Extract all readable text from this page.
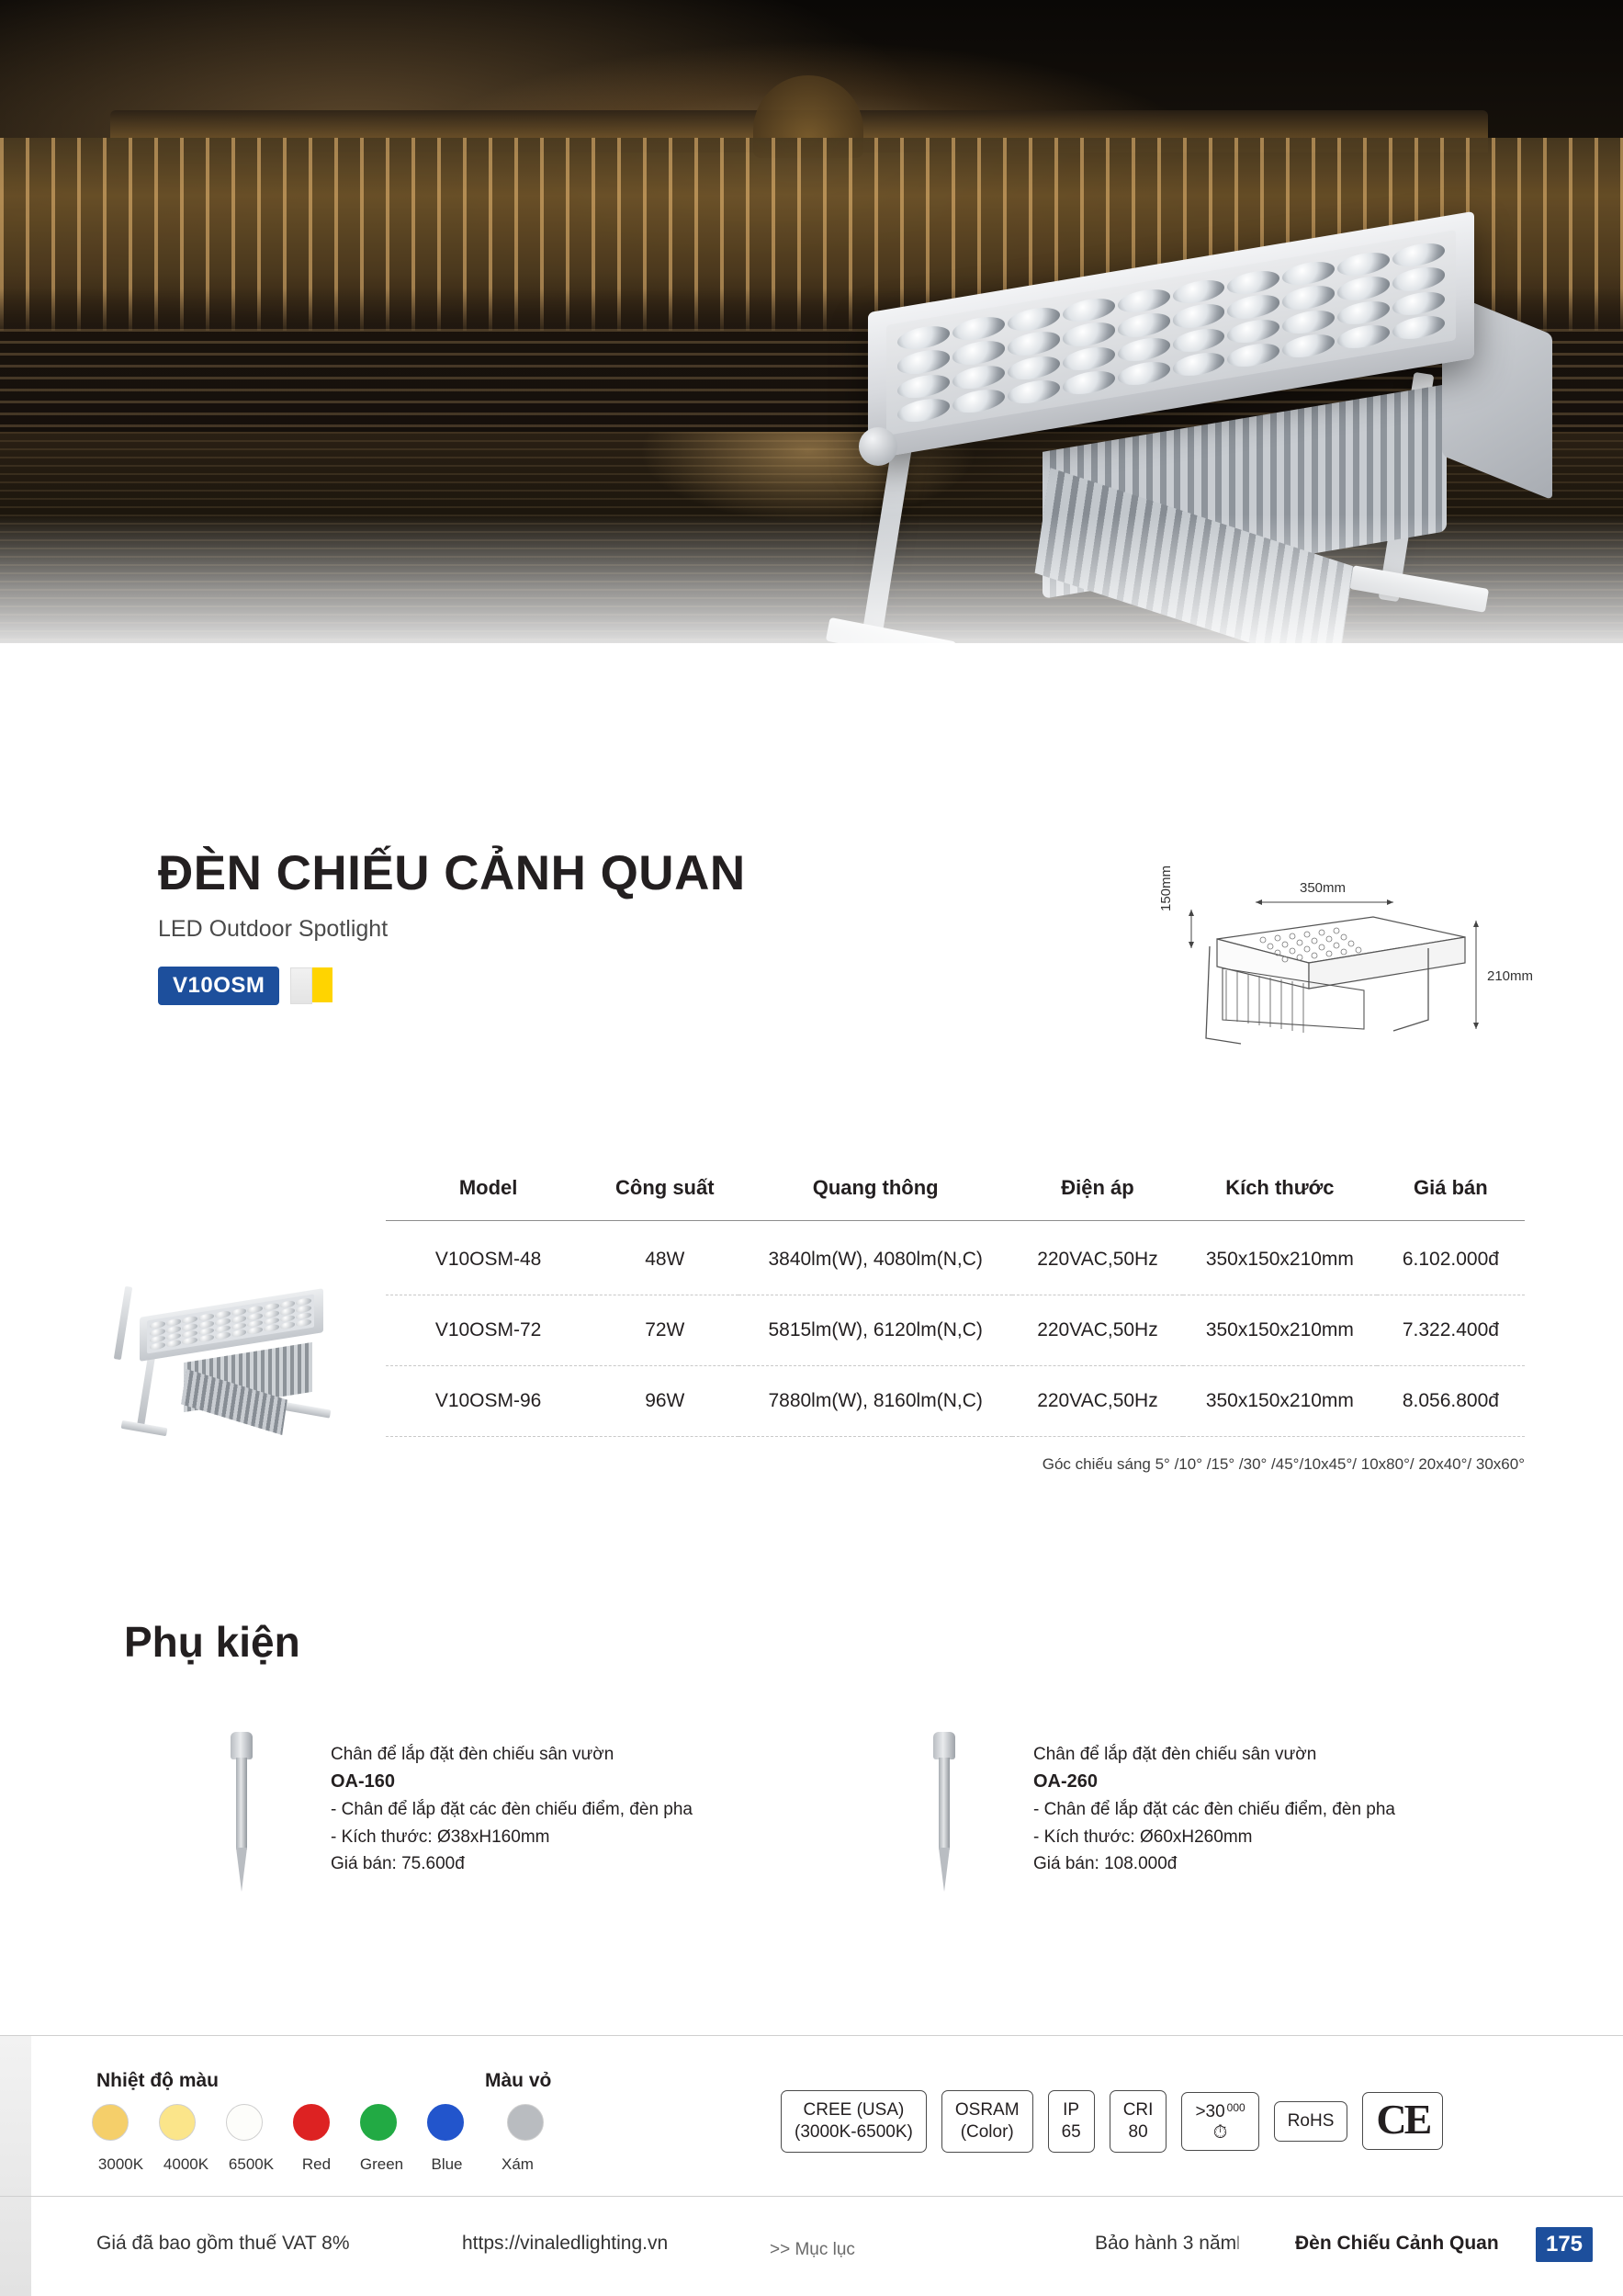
ĐÈN CHIẾU CẢNH QUAN

LED Outdoor Spotlight

V10OSM
350mm
150mm
210mm
Model	Công suất	Quang thông	Điện áp	Kích thước	Giá bán
V10OSM-48	48W	3840lm(W), 4080lm(N,C)	220VAC,50Hz	350x150x210mm	6.102.000đ
V10OSM-72	72W	5815lm(W), 6120lm(N,C)	220VAC,50Hz	350x150x210mm	7.322.400đ
V10OSM-96	96W	7880lm(W), 8160lm(N,C)	220VAC,50Hz	350x150x210mm	8.056.800đ
Góc chiếu sáng 5° /10° /15° /30° /45°/10x45°/ 10x80°/ 20x40°/ 30x60°
Phụ kiện
Chân để lắp đặt đèn chiếu sân vườn
OA-160
- Chân để lắp đặt các đèn chiếu điểm, đèn pha
- Kích thước: Ø38xH160mm
Giá bán: 75.600đ
Chân để lắp đặt đèn chiếu sân vườn
OA-260
- Chân để lắp đặt các đèn chiếu điểm, đèn pha
- Kích thước: Ø60xH260mm
Giá bán: 108.000đ
Nhiệt độ màu	Màu vỏ
3000K	4000K	6500K	Red	Green	Blue	Xám
CREE (USA)
(3000K-6500K)
OSRAM
(Color)
IP
65
CRI
80
>30 000
⏱
RoHS	CE
Giá đã bao gồm thuế VAT 8%	https://vinaledlighting.vn	>> Mục lục	Bảo hành 3 năm
I	Đèn Chiếu Cảnh Quan	175
